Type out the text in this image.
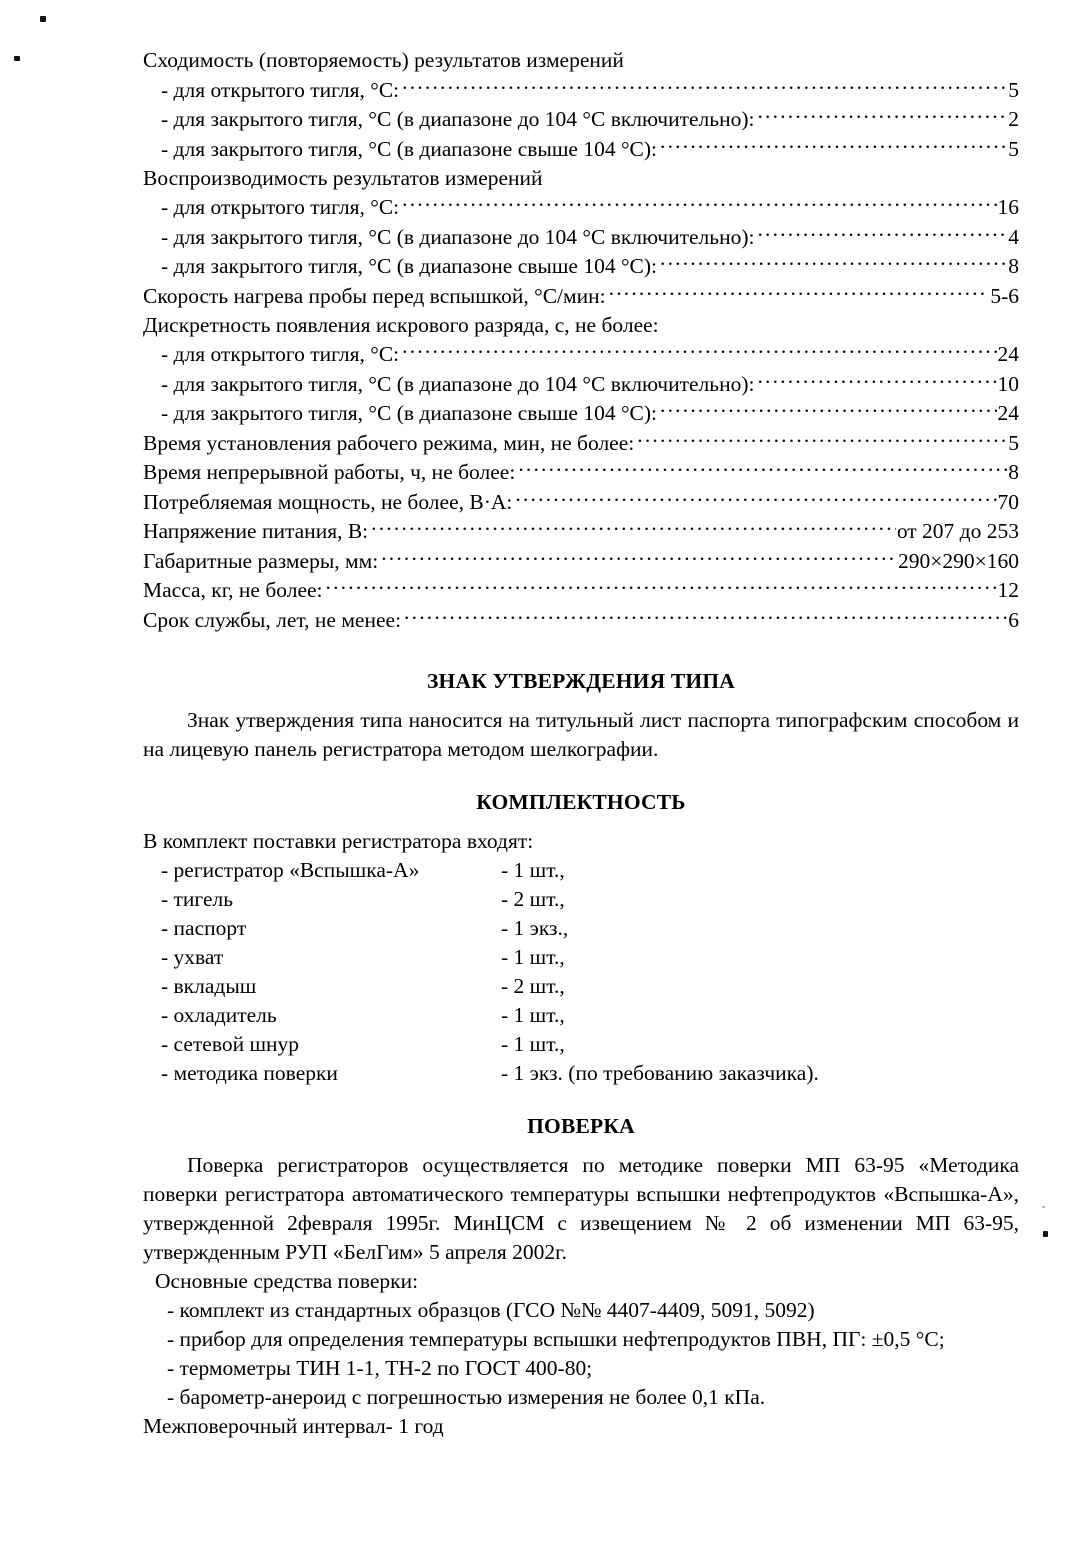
Сходимость (повторяемость) результатов измерений
- для открытого тигля, °С: .....	5
- для закрытого тигля, °С (в диапазоне до 104 °С включительно): .....	2
- для закрытого тигля, °С (в диапазоне свыше 104 °С): .....	5
Воспроизводимость результатов измерений
- для открытого тигля, °С: .....	16
- для закрытого тигля, °С (в диапазоне до 104 °С включительно): .....	4
- для закрытого тигля, °С (в диапазоне свыше 104 °С): .....	8
Скорость нагрева пробы перед вспышкой, °С/мин: .....	5-6
Дискретность появления искрового разряда, с, не более:
- для открытого тигля, °С: .....	24
- для закрытого тигля, °С (в диапазоне до 104 °С включительно): .....	10
- для закрытого тигля, °С (в диапазоне свыше 104 °С): .....	24
Время установления рабочего режима, мин, не более: .....	5
Время непрерывной работы, ч, не более: .....	8
Потребляемая мощность, не более, В·А: .....	70
Напряжение питания, В: .....	от 207 до 253
Габаритные размеры, мм: .....	290×290×160
Масса, кг, не более: .....	12
Срок службы, лет, не менее: .....	6
ЗНАК УТВЕРЖДЕНИЯ ТИПА
Знак утверждения типа наносится на титульный лист паспорта типографским способом и на лицевую панель регистратора методом шелкографии.
КОМПЛЕКТНОСТЬ
В комплект поставки регистратора входят:
- регистратор «Вспышка-А»	- 1 шт.,
- тигель	- 2 шт.,
- паспорт	- 1 экз.,
- ухват	- 1 шт.,
- вкладыш	- 2 шт.,
- охладитель	- 1 шт.,
- сетевой шнур	- 1 шт.,
- методика поверки	- 1 экз. (по требованию заказчика).
ПОВЕРКА
Поверка регистраторов осуществляется по методике поверки МП 63-95 «Методика поверки регистратора автоматического температуры вспышки нефтепродуктов «Вспышка-А», утвержденной 2февраля 1995г. МинЦСМ с извещением № 2 об изменении МП 63-95, утвержденным РУП «БелГим» 5 апреля 2002г.
Основные средства поверки:
- комплект из стандартных образцов (ГСО №№ 4407-4409, 5091, 5092)
- прибор для определения температуры вспышки нефтепродуктов ПВН, ПГ: ±0,5 °С;
- термометры ТИН 1-1, ТН-2 по ГОСТ 400-80;
- барометр-анероид с погрешностью измерения не более 0,1 кПа.
Межповерочный интервал- 1 год
